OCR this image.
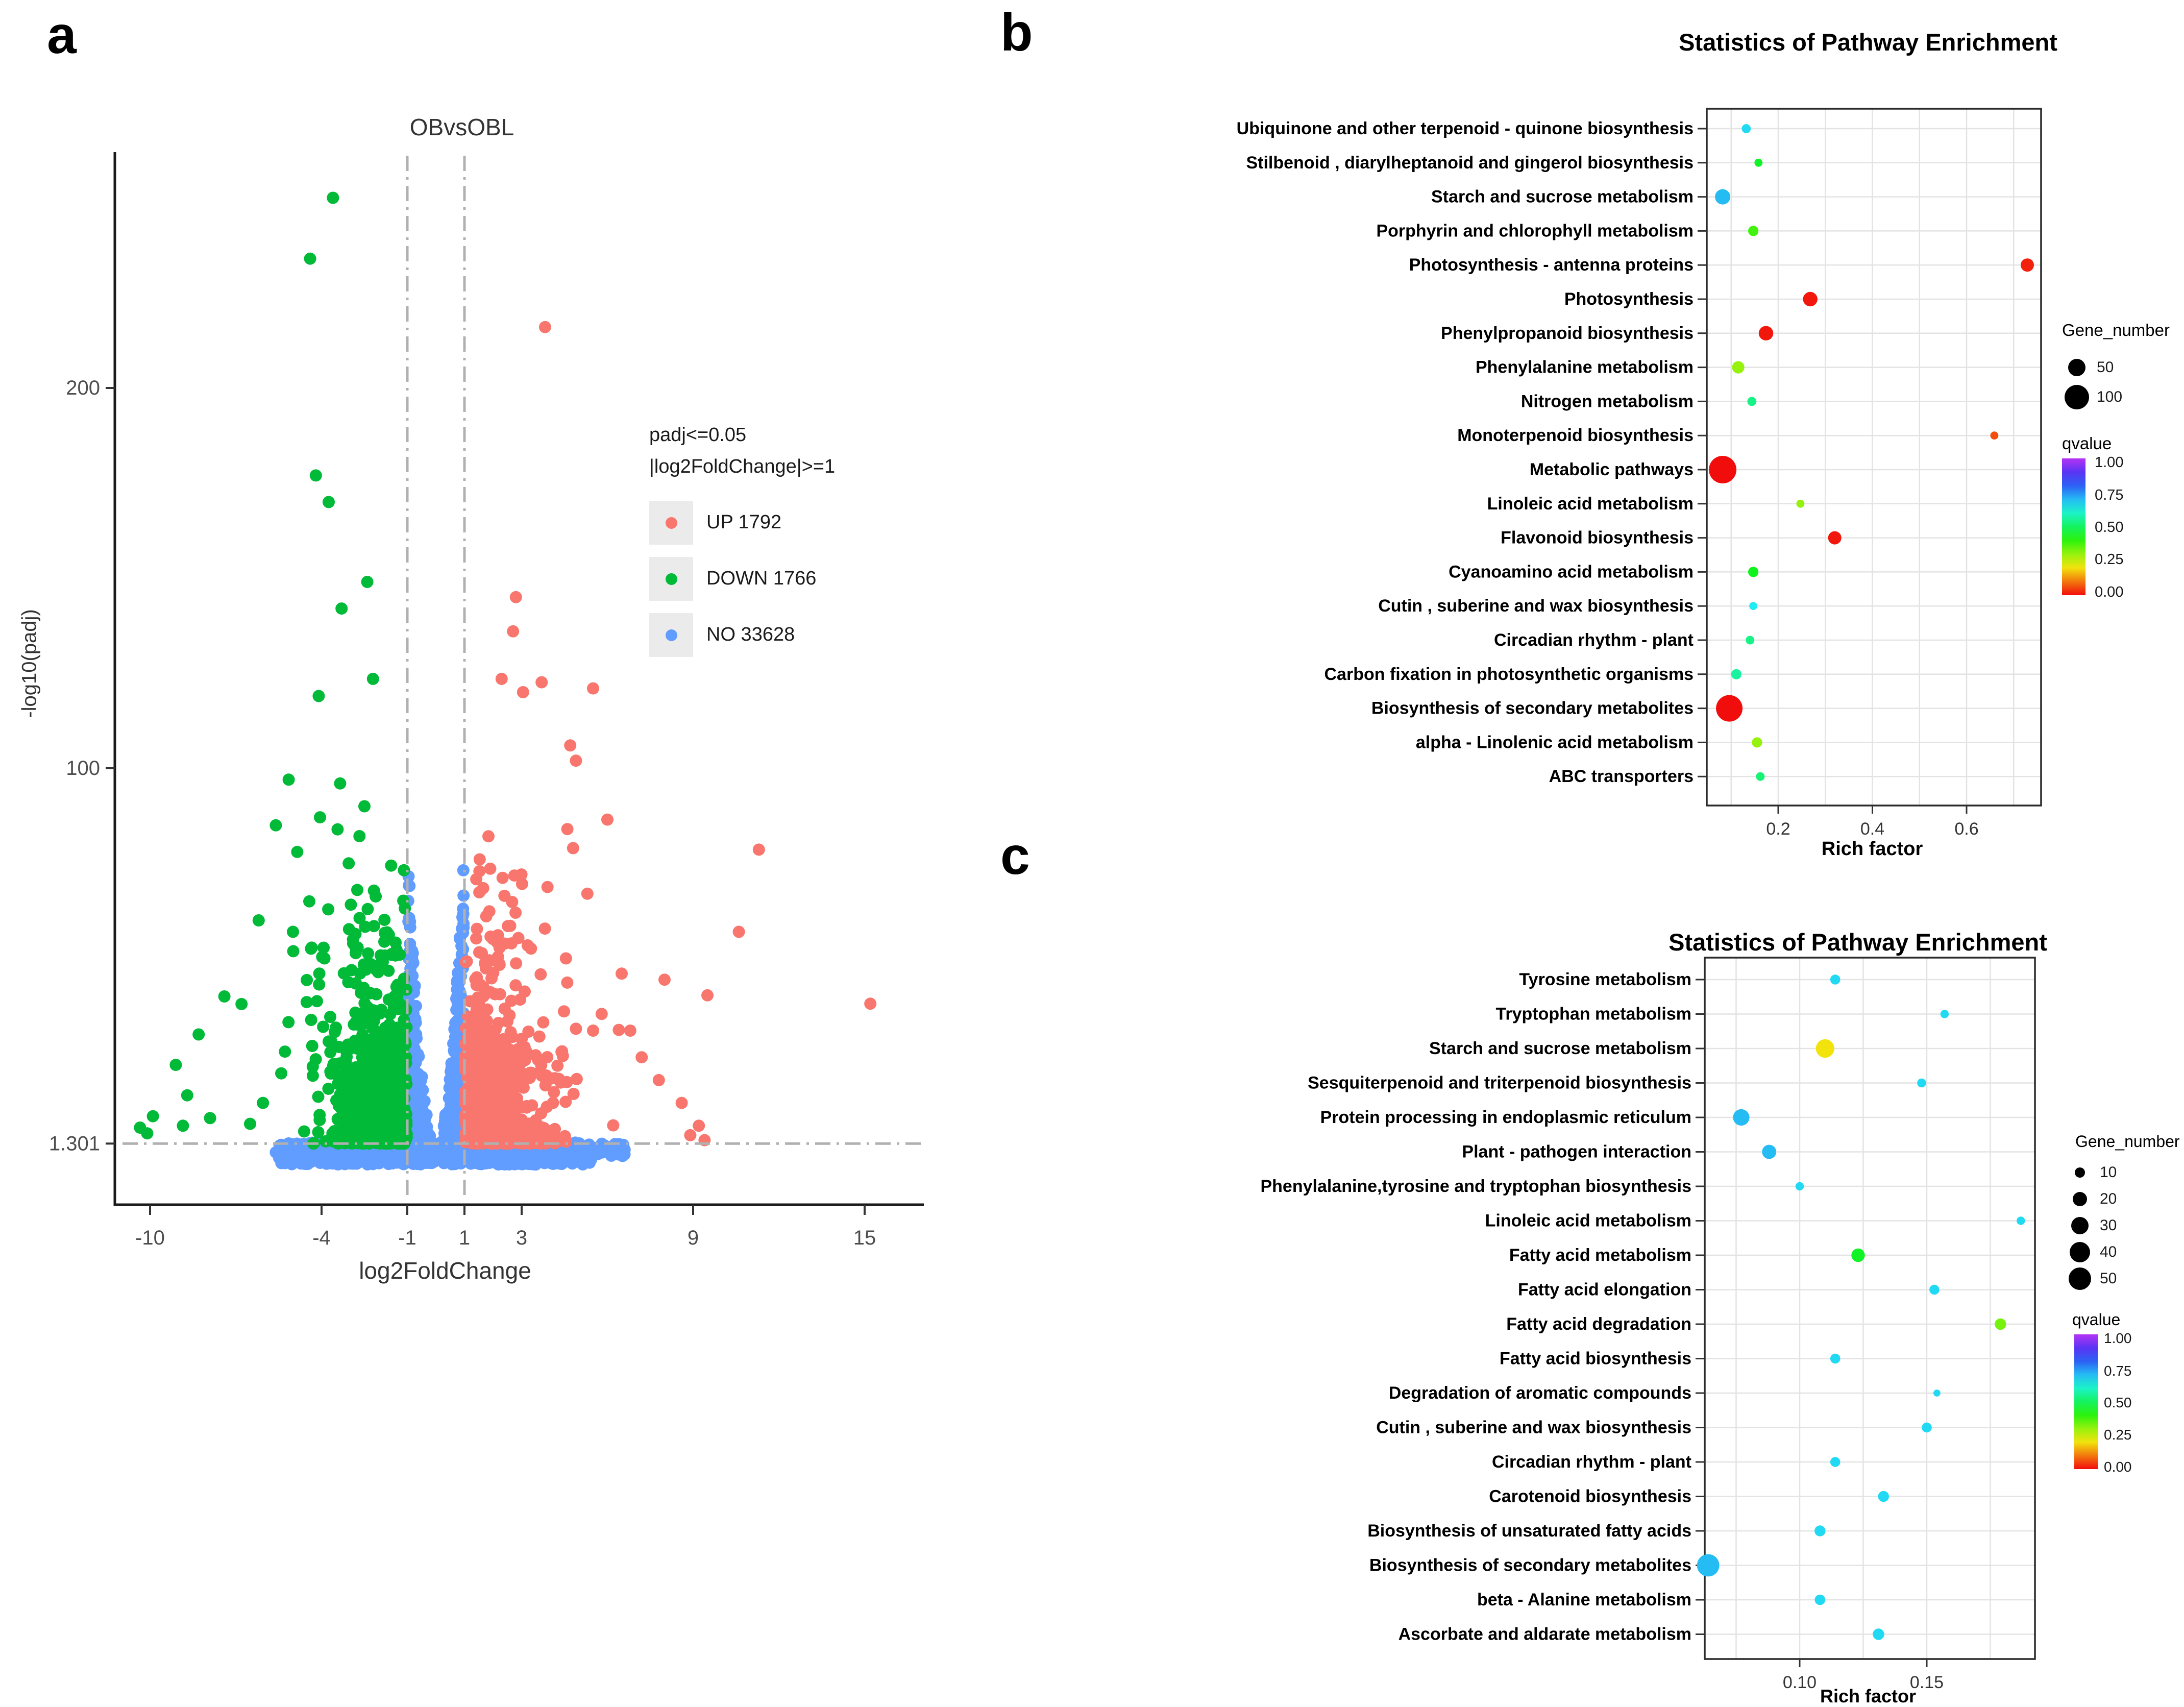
200
100
1.301
-10	-4	-1 1 3	9	15
0.2	0.4	0.6
Ubiquinone and other terpenoid - quinone biosynthesis
Stilbenoid , diarylheptanoid and gingerol biosynthesis
Starch and sucrose metabolism
Porphyrin and chlorophyll metabolism
Photosynthesis - antenna proteins
Photosynthesis
Phenylpropanoid biosynthesis
Phenylalanine metabolism
Nitrogen metabolism
Monoterpenoid biosynthesis
Metabolic pathways
Linoleic acid metabolism
Flavonoid biosynthesis
Cyanoamino acid metabolism
Cutin , suberine and wax biosynthesis
Circadian rhythm - plant
Carbon fixation in photosynthetic organisms
Biosynthesis of secondary metabolites
alpha - Linolenic acid metabolism
ABC transporters
0.10	0.15
Tyrosine metabolism
Tryptophan metabolism
Starch and sucrose metabolism
Sesquiterpenoid and triterpenoid biosynthesis
Protein processing in endoplasmic reticulum
Plant - pathogen interaction
Phenylalanine,tyrosine and tryptophan biosynthesis
Linoleic acid metabolism
Fatty acid metabolism
Fatty acid elongation
Fatty acid degradation
Fatty acid biosynthesis
Degradation of aromatic compounds
Cutin , suberine and wax biosynthesis
Circadian rhythm - plant
Carotenoid biosynthesis
Biosynthesis of unsaturated fatty acids
Biosynthesis of secondary metabolites
beta - Alanine metabolism
Ascorbate and aldarate metabolism
a	b
c
OBvsOBL
-log10(padj)
log2FoldChange
padj<=0.05
|log2FoldChange|>=1
UP 1792
DOWN 1766
NO 33628
Statistics of Pathway Enrichment
Rich factor
Gene_number
50
100
qvalue
1.00
0.75
0.50
0.25
0.00
Statistics of Pathway Enrichment
Rich factor
Gene_number
10
20
30
40
50
qvalue
1.00
0.75
0.50
0.25
0.00
